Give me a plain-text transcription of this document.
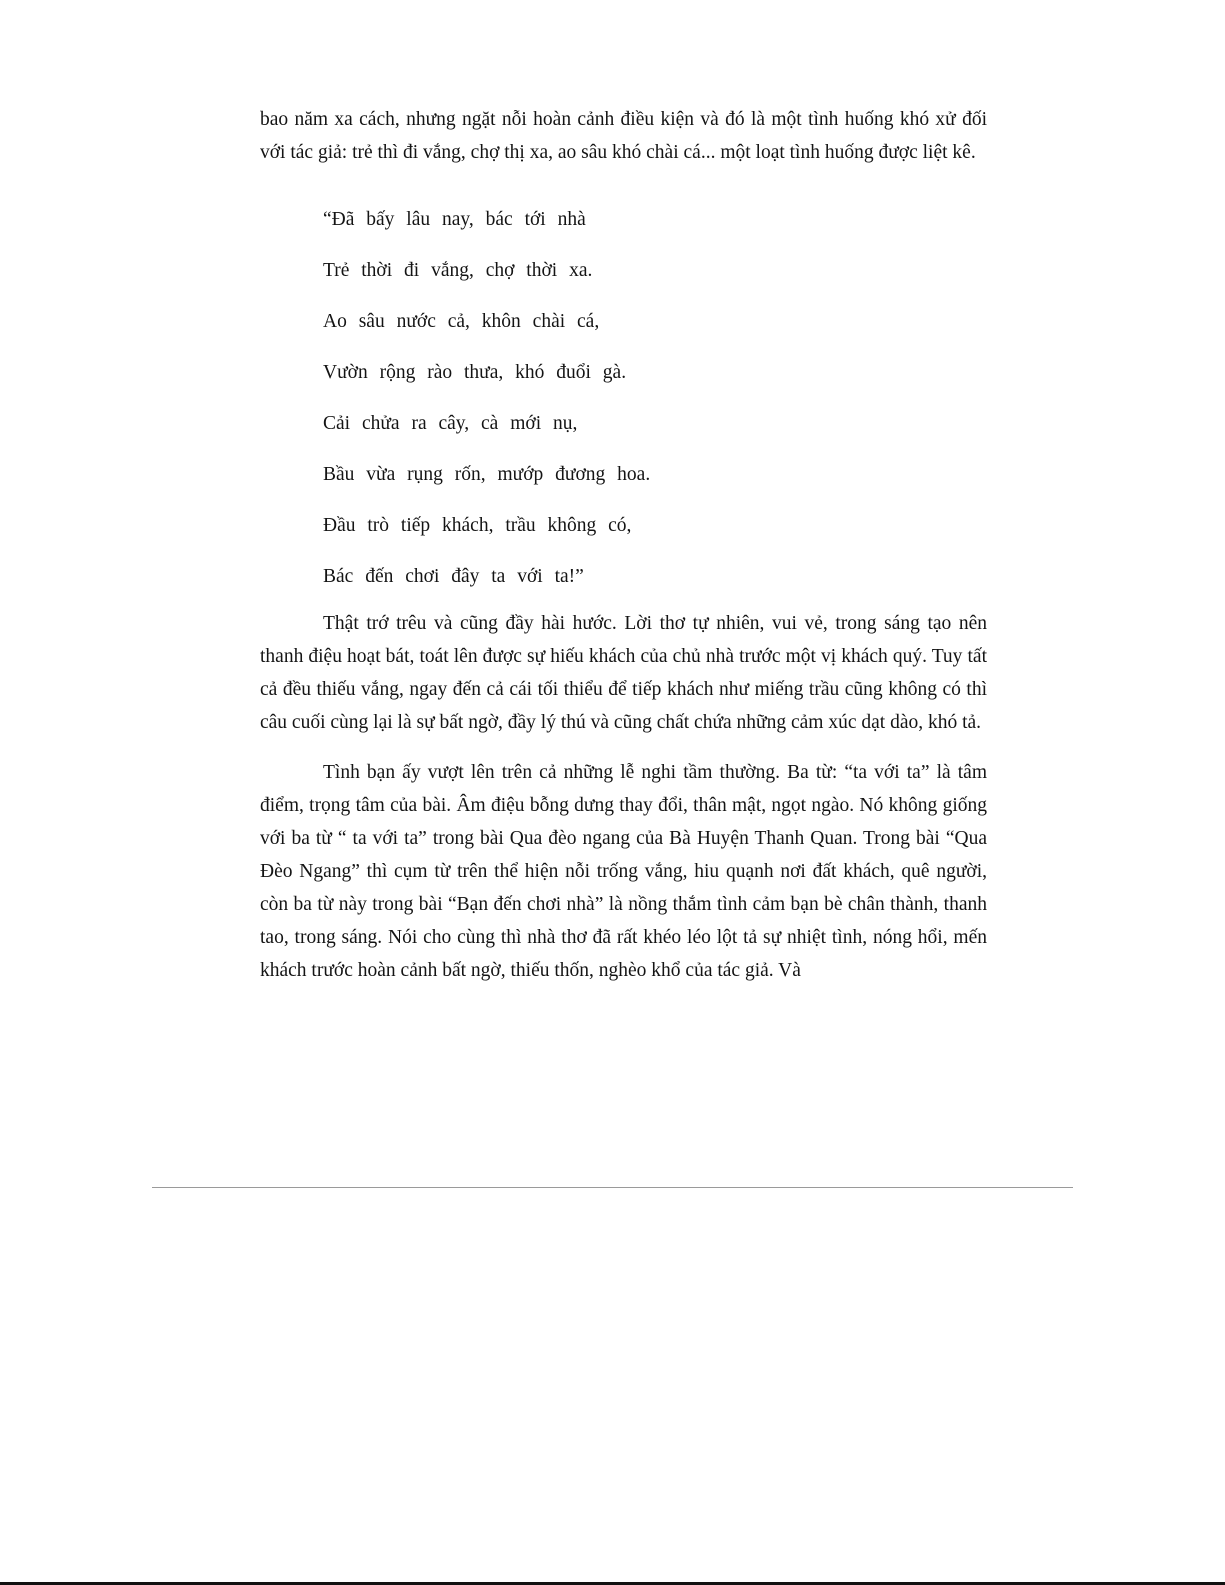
bao năm xa cách, nhưng ngặt nỗi hoàn cảnh điều kiện và đó là một tình huống khó xử đối với tác giả: trẻ thì đi vắng, chợ thị xa, ao sâu khó chài cá... một loạt tình huống được liệt kê.

“Đã bấy lâu nay, bác tới nhà
Trẻ thời đi vắng, chợ thời xa.
Ao sâu nước cả, khôn chài cá,
Vườn rộng rào thưa, khó đuổi gà.
Cải chửa ra cây, cà mới nụ,
Bầu vừa rụng rốn, mướp đương hoa.
Đầu trò tiếp khách, trầu không có,
Bác đến chơi đây ta với ta!”

Thật trớ trêu và cũng đầy hài hước. Lời thơ tự nhiên, vui vẻ, trong sáng tạo nên thanh điệu hoạt bát, toát lên được sự hiếu khách của chủ nhà trước một vị khách quý. Tuy tất cả đều thiếu vắng, ngay đến cả cái tối thiểu để tiếp khách như miếng trầu cũng không có thì câu cuối cùng lại là sự bất ngờ, đầy lý thú và cũng chất chứa những cảm xúc dạt dào, khó tả.

Tình bạn ấy vượt lên trên cả những lễ nghi tầm thường. Ba từ: “ta với ta” là tâm điểm, trọng tâm của bài. Âm điệu bỗng dưng thay đổi, thân mật, ngọt ngào. Nó không giống với ba từ “ ta với ta” trong bài Qua đèo ngang của Bà Huyện Thanh Quan. Trong bài “Qua Đèo Ngang” thì cụm từ trên thể hiện nỗi trống vắng, hiu quạnh nơi đất khách, quê người, còn ba từ này trong bài “Bạn đến chơi nhà” là nồng thắm tình cảm bạn bè chân thành, thanh tao, trong sáng. Nói cho cùng thì nhà thơ đã rất khéo léo lột tả sự nhiệt tình, nóng hổi, mến khách trước hoàn cảnh bất ngờ, thiếu thốn, nghèo khổ của tác giả. Và
